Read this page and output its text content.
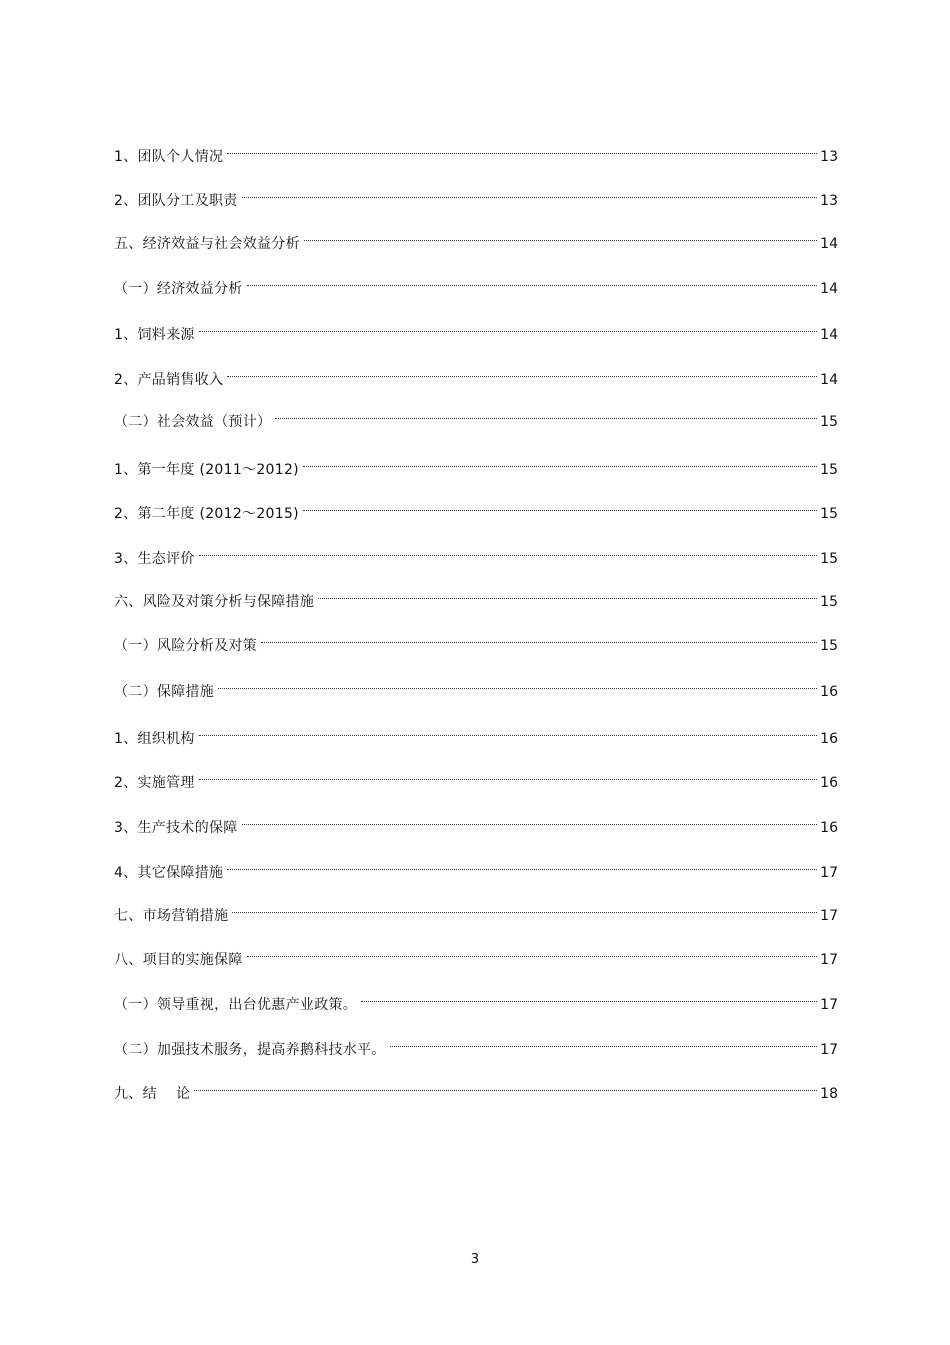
1、团队个人情况	13
2、团队分工及职责	13
五、经济效益与社会效益分析	14
（一）经济效益分析	14
1、饲料来源	14
2、产品销售收入	14
（二）社会效益（预计）	15
1、第一年度 (2011～2012)	15
2、第二年度 (2012～2015)	15
3、生态评价	15
六、风险及对策分析与保障措施	15
（一）风险分析及对策	15
（二）保障措施	16
1、组织机构	16
2、实施管理	16
3、生产技术的保障	16
4、其它保障措施	17
七、市场营销措施	17
八、项目的实施保障	17
（一）领导重视，出台优惠产业政策。	17
（二）加强技术服务，提高养鹅科技水平。	17
九、结　 论	18
3
